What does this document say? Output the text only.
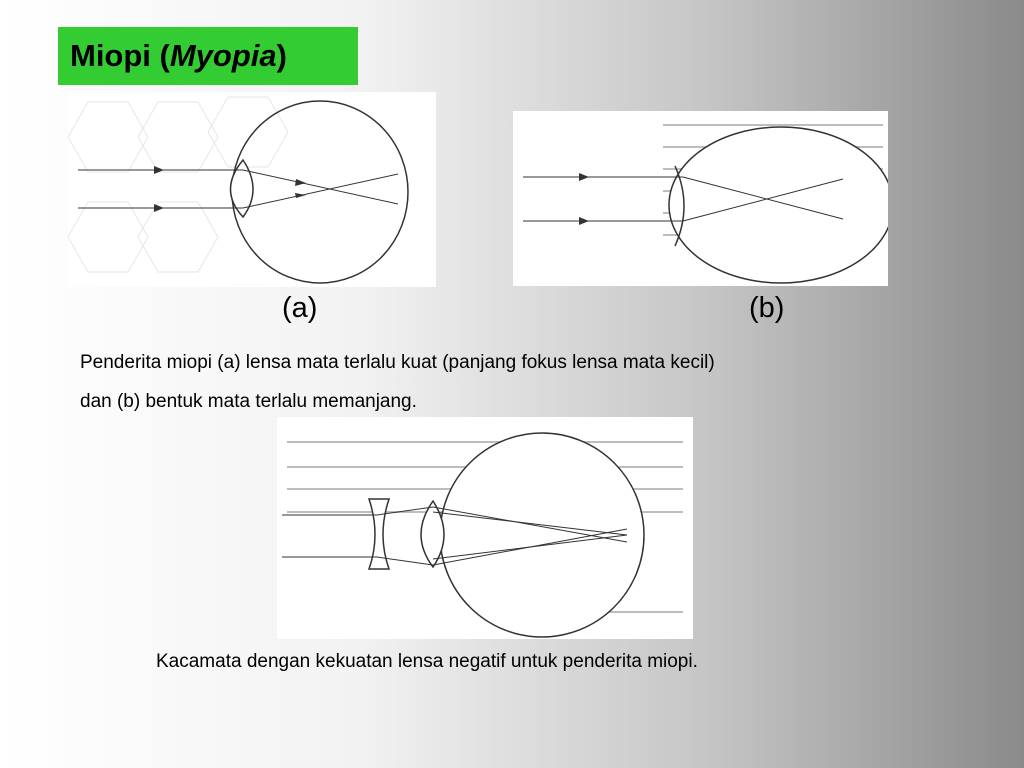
Miopi (Myopia)
(a)	(b)
Penderita miopi (a) lensa mata terlalu kuat (panjang fokus lensa mata kecil)
dan (b) bentuk mata terlalu memanjang.
Kacamata dengan kekuatan lensa negatif untuk penderita miopi.
